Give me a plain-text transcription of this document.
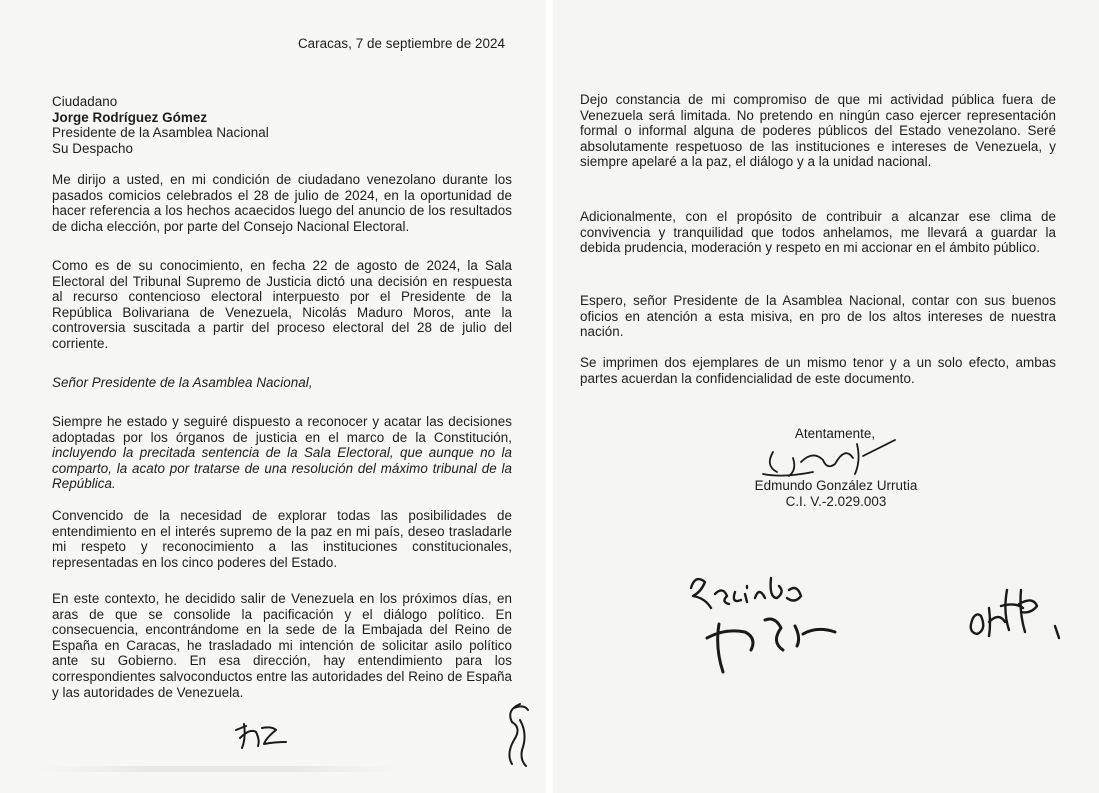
Caracas, 7 de septiembre de 2024
Ciudadano
Jorge Rodríguez Gómez
Presidente de la Asamblea Nacional
Su Despacho

Me dirijo a usted, en mi condición de ciudadano venezolano durante los pasados comicios celebrados el 28 de julio de 2024, en la oportunidad de hacer referencia a los hechos acaecidos luego del anuncio de los resultados de dicha elección, por parte del Consejo Nacional Electoral.

Como es de su conocimiento, en fecha 22 de agosto de 2024, la Sala Electoral del Tribunal Supremo de Justicia dictó una decisión en respuesta al recurso contencioso electoral interpuesto por el Presidente de la República Bolivariana de Venezuela, Nicolás Maduro Moros, ante la controversia suscitada a partir del proceso electoral del 28 de julio del corriente.

Señor Presidente de la Asamblea Nacional,

Siempre he estado y seguiré dispuesto a reconocer y acatar las decisiones adoptadas por los órganos de justicia en el marco de la Constitución, incluyendo la precitada sentencia de la Sala Electoral, que aunque no la comparto, la acato por tratarse de una resolución del máximo tribunal de la República.

Convencido de la necesidad de explorar todas las posibilidades de entendimiento en el interés supremo de la paz en mi país, deseo trasladarle mi respeto y reconocimiento a las instituciones constitucionales, representadas en los cinco poderes del Estado.

En este contexto, he decidido salir de Venezuela en los próximos días, en aras de que se consolide la pacificación y el diálogo político. En consecuencia, encontrándome en la sede de la Embajada del Reino de España en Caracas, he trasladado mi intención de solicitar asilo político ante su Gobierno. En esa dirección, hay entendimiento para los correspondientes salvoconductos entre las autoridades del Reino de España y las autoridades de Venezuela.

Dejo constancia de mi compromiso de que mi actividad pública fuera de Venezuela será limitada. No pretendo en ningún caso ejercer representación formal o informal alguna de poderes públicos del Estado venezolano. Seré absolutamente respetuoso de las instituciones e intereses de Venezuela, y siempre apelaré a la paz, el diálogo y a la unidad nacional.

Adicionalmente, con el propósito de contribuir a alcanzar ese clima de convivencia y tranquilidad que todos anhelamos, me llevará a guardar la debida prudencia, moderación y respeto en mi accionar en el ámbito público.

Espero, señor Presidente de la Asamblea Nacional, contar con sus buenos oficios en atención a esta misiva, en pro de los altos intereses de nuestra nación.

Se imprimen dos ejemplares de un mismo tenor y a un solo efecto, ambas partes acuerdan la confidencialidad de este documento.

Atentamente,
Edmundo González Urrutia
C.I. V.-2.029.003
